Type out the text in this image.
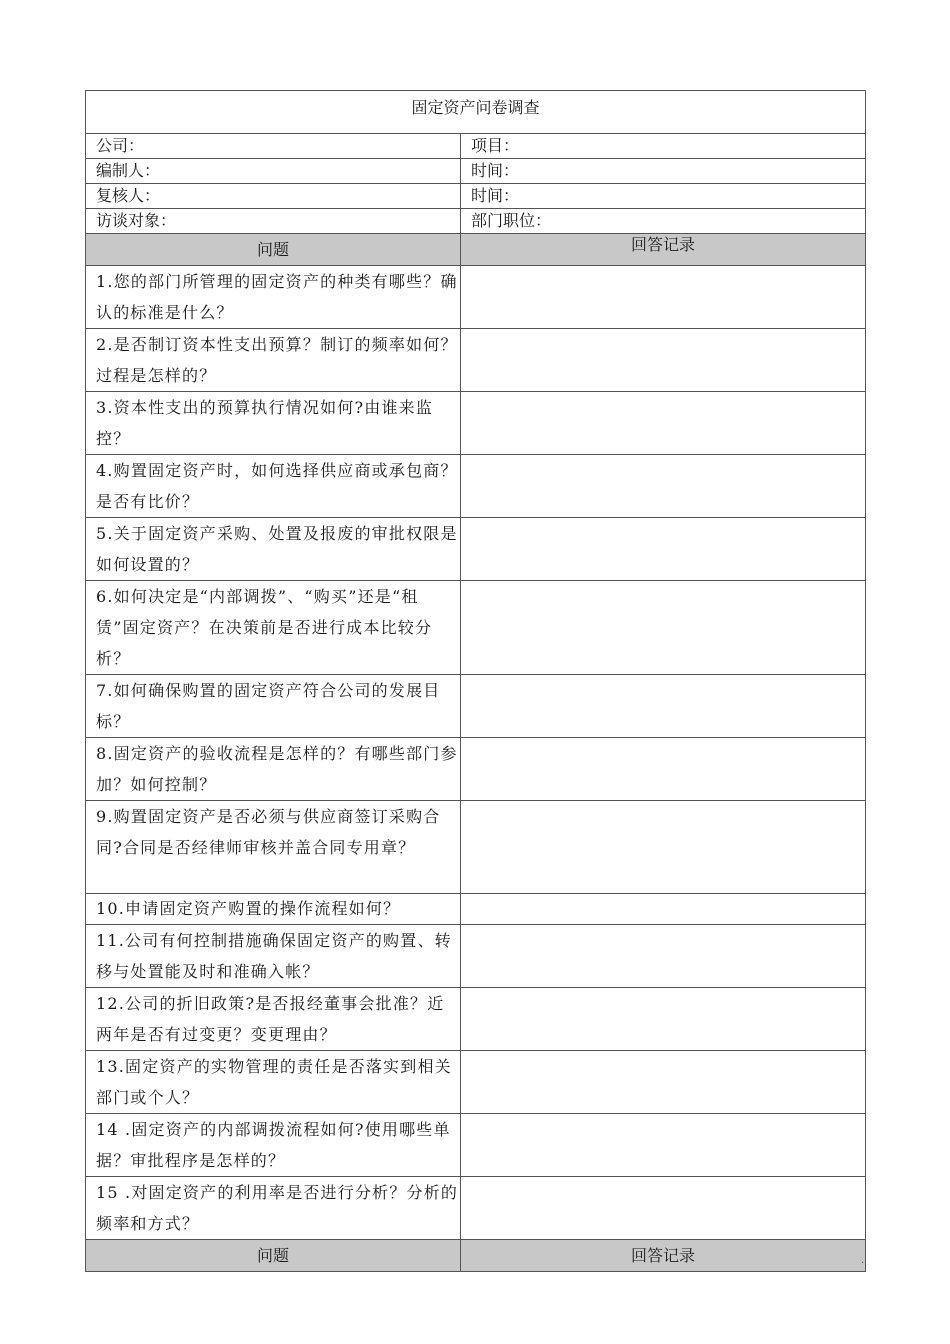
固定资产问卷调查	
公司：	项目：
编制人：	时间：
复核人：	时间：
访谈对象：	部门职位：
问题	回答记录
1.您的部门所管理的固定资产的种类有哪些？确认的标准是什么？	
2.是否制订资本性支出预算？制订的频率如何？过程是怎样的？	
3.资本性支出的预算执行情况如何?由谁来监控？	
4.购置固定资产时，如何选择供应商或承包商？是否有比价？	
5.关于固定资产采购、处置及报废的审批权限是如何设置的？	
6.如何决定是“内部调拨”、“购买”还是“租赁”固定资产？在决策前是否进行成本比较分析？	
7.如何确保购置的固定资产符合公司的发展目标？	
8.固定资产的验收流程是怎样的？有哪些部门参加？如何控制？	
9.购置固定资产是否必须与供应商签订采购合同?合同是否经律师审核并盖合同专用章？	
10.申请固定资产购置的操作流程如何？	
11.公司有何控制措施确保固定资产的购置、转移与处置能及时和准确入帐？	
12.公司的折旧政策?是否报经董事会批准？近两年是否有过变更？变更理由？	
13.固定资产的实物管理的责任是否落实到相关部门或个人？	
14 .固定资产的内部调拨流程如何?使用哪些单据？审批程序是怎样的？	
15 .对固定资产的利用率是否进行分析？分析的频率和方式？	
问题	回答记录	·
